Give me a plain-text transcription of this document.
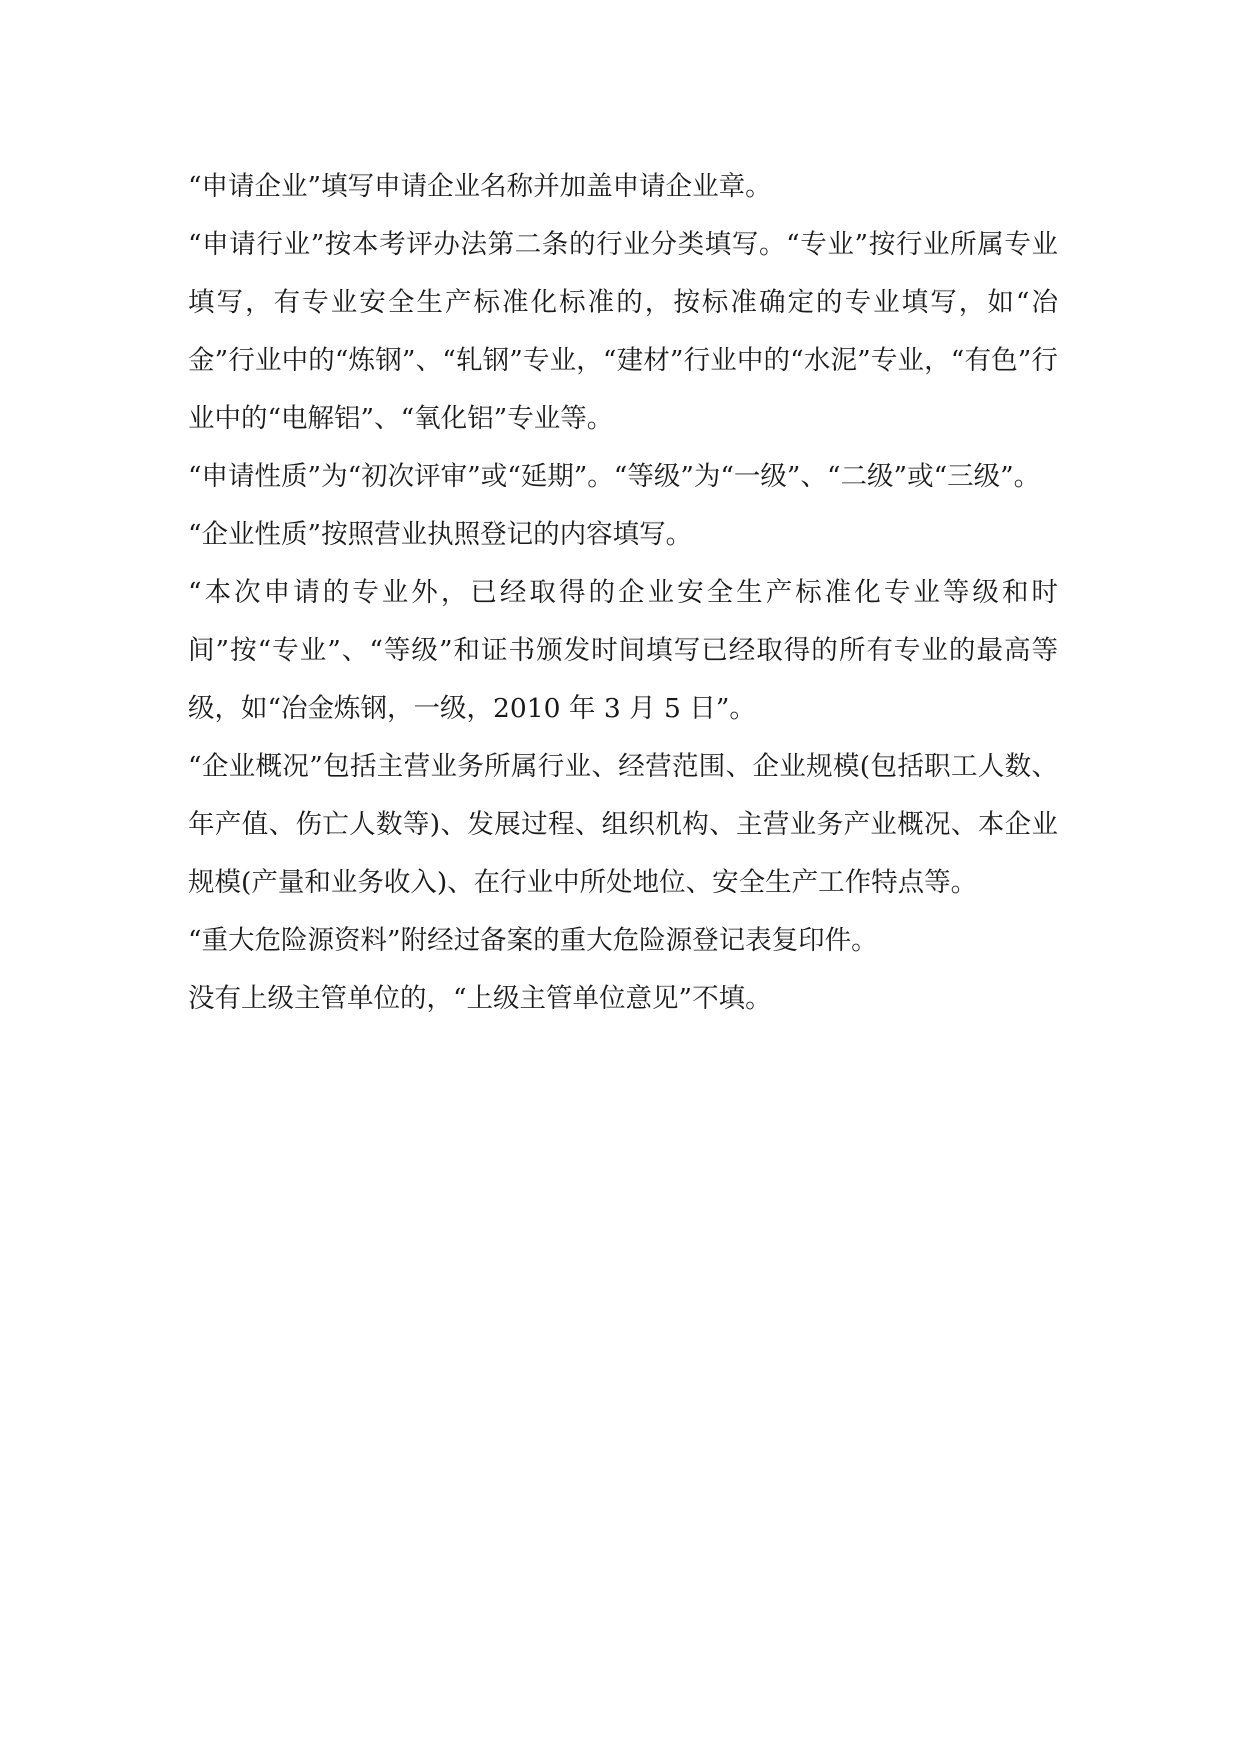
“申请企业”填写申请企业名称并加盖申请企业章。

“申请行业”按本考评办法第二条的行业分类填写。“专业”按行业所属专业填写，有专业安全生产标准化标准的，按标准确定的专业填写，如“冶金”行业中的“炼钢”、“轧钢”专业，“建材”行业中的“水泥”专业，“有色”行业中的“电解铝”、“氧化铝”专业等。

“申请性质”为“初次评审”或“延期”。“等级”为“一级”、“二级”或“三级”。

“企业性质”按照营业执照登记的内容填写。

“本次申请的专业外，已经取得的企业安全生产标准化专业等级和时间”按“专业”、“等级”和证书颁发时间填写已经取得的所有专业的最高等级，如“冶金炼钢，一级，2010 年 3 月 5 日”。

“企业概况”包括主营业务所属行业、经营范围、企业规模(包括职工人数、年产值、伤亡人数等)、发展过程、组织机构、主营业务产业概况、本企业规模(产量和业务收入)、在行业中所处地位、安全生产工作特点等。

“重大危险源资料”附经过备案的重大危险源登记表复印件。

没有上级主管单位的，“上级主管单位意见”不填。
